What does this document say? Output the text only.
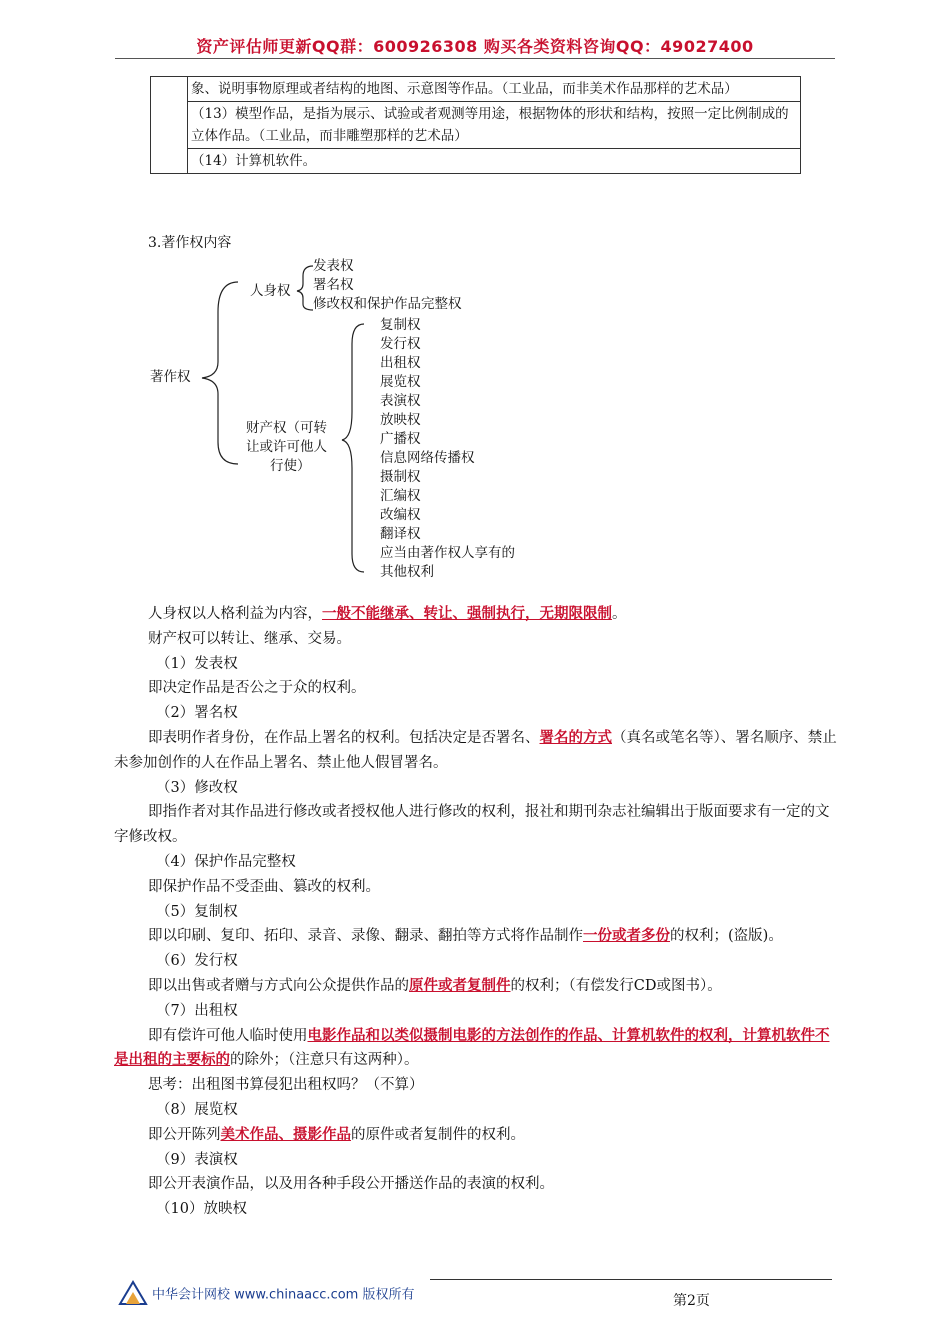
资产评估师更新QQ群：600926308 购买各类资料咨询QQ：49027400
	象、说明事物原理或者结构的地图、示意图等作品。（工业品，而非美术作品那样的艺术品）
（13）模型作品，是指为展示、试验或者观测等用途，根据物体的形状和结构，按照一定比例制成的立体作品。（工业品，而非雕塑那样的艺术品）
（14）计算机软件。
3.著作权内容
著作权
人身权
发表权
署名权
修改权和保护作品完整权
财产权（可转
让或许可他人
行使）
复制权
发行权
出租权
展览权
表演权
放映权
广播权
信息网络传播权
摄制权
汇编权
改编权
翻译权
应当由著作权人享有的
其他权利

人身权以人格利益为内容，一般不能继承、转让、强制执行，无期限限制。

财产权可以转让、继承、交易。

（1）发表权

即决定作品是否公之于众的权利。

（2）署名权

即表明作者身份，在作品上署名的权利。包括决定是否署名、署名的方式（真名或笔名等）、署名顺序、禁止未参加创作的人在作品上署名、禁止他人假冒署名。

（3）修改权

即指作者对其作品进行修改或者授权他人进行修改的权利，报社和期刊杂志社编辑出于版面要求有一定的文字修改权。

（4）保护作品完整权

即保护作品不受歪曲、篡改的权利。

（5）复制权

即以印刷、复印、拓印、录音、录像、翻录、翻拍等方式将作品制作一份或者多份的权利；(盗版)。

（6）发行权

即以出售或者赠与方式向公众提供作品的原件或者复制件的权利；（有偿发行CD或图书）。

（7）出租权

即有偿许可他人临时使用电影作品和以类似摄制电影的方法创作的作品、计算机软件的权利，计算机软件不是出租的主要标的的除外；（注意只有这两种）。

思考：出租图书算侵犯出租权吗？（不算）

（8）展览权

即公开陈列美术作品、摄影作品的原件或者复制件的权利。

（9）表演权

即公开表演作品，以及用各种手段公开播送作品的表演的权利。

（10）放映权

中华会计网校 www.chinaacc.com 版权所有	第2页
